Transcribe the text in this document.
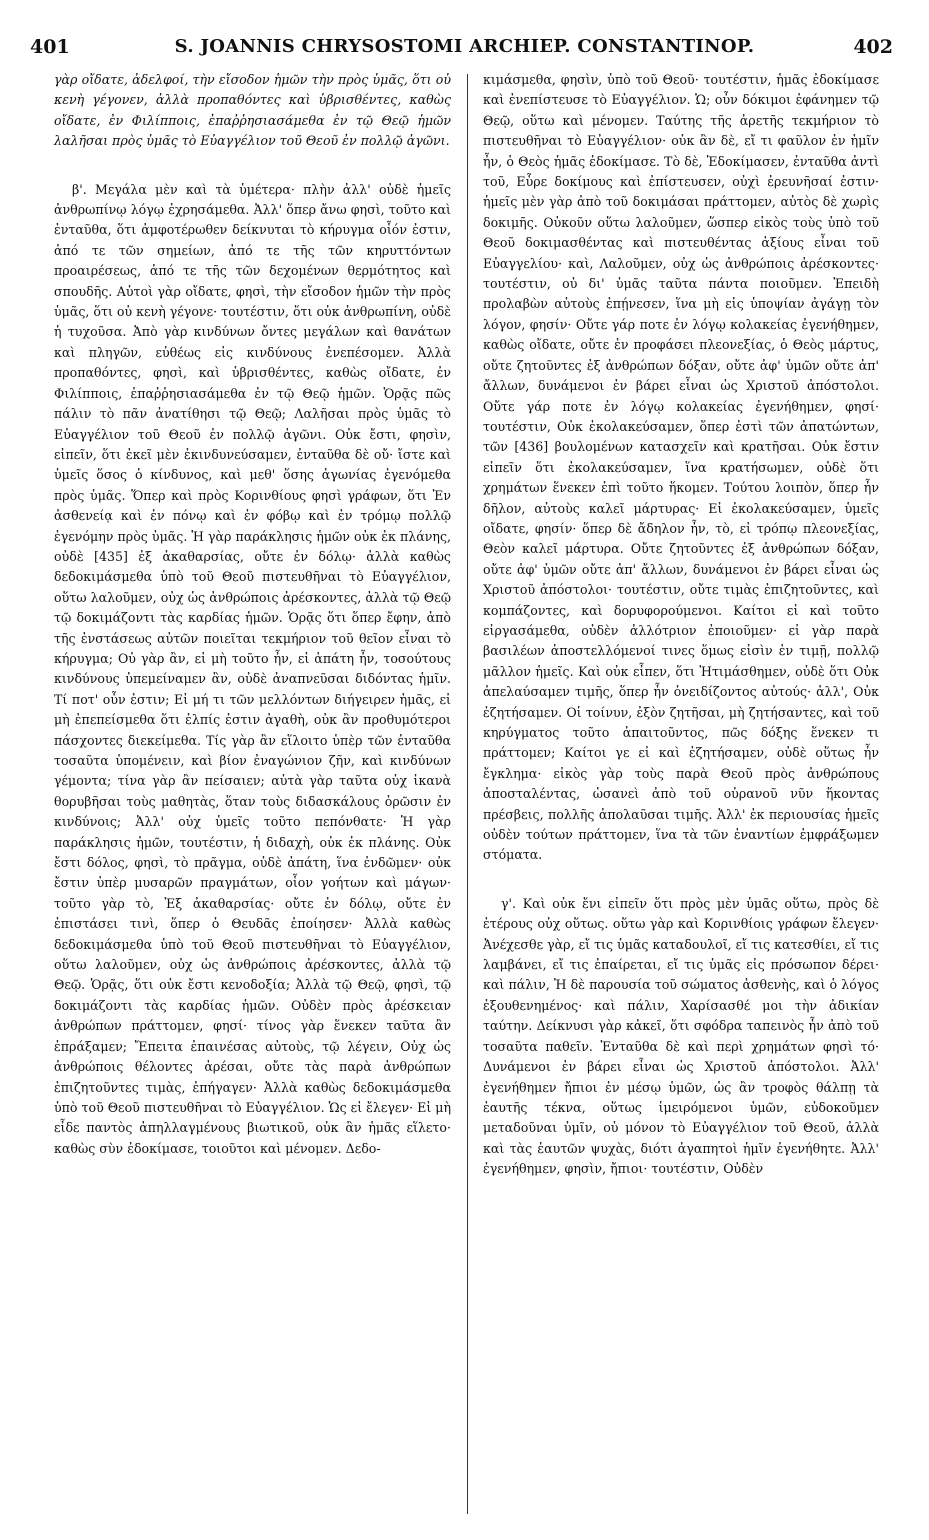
401	S. JOANNIS CHRYSOSTOMI ARCHIEP. CONSTANTINOP.	402

γὰρ οἴδατε, ἀδελφοί, τὴν εἴσοδον ἡμῶν τὴν πρὸς ὑμᾶς, ὅτι οὐ κενὴ γέγονεν, ἀλλὰ προπαθόντες καὶ ὑβρισθέντες, καθὼς οἴδατε, ἐν Φιλίπποις, ἐπαῤῥησιασάμεθα ἐν τῷ Θεῷ ἡμῶν λαλῆσαι πρὸς ὑμᾶς τὸ Εὐαγγέλιον τοῦ Θεοῦ ἐν πολλῷ ἀγῶνι.

β'. Μεγάλα μὲν καὶ τὰ ὑμέτερα· πλὴν ἀλλ' οὐδὲ ἡμεῖς ἀνθρωπίνῳ λόγῳ ἐχρησάμεθα. Ἀλλ' ὅπερ ἄνω φησὶ, τοῦτο καὶ ἐνταῦθα, ὅτι ἀμφοτέρωθεν δείκνυται τὸ κήρυγμα οἷόν ἐστιν, ἀπό τε τῶν σημείων, ἀπό τε τῆς τῶν κηρυττόντων προαιρέσεως, ἀπό τε τῆς τῶν δεχομένων θερμότητος καὶ σπουδῆς. Αὐτοὶ γὰρ οἴδατε, φησὶ, τὴν εἴσοδον ἡμῶν τὴν πρὸς ὑμᾶς, ὅτι οὐ κενὴ γέγονε· τουτέστιν, ὅτι οὐκ ἀνθρωπίνη, οὐδὲ ἡ τυχοῦσα. Ἀπὸ γὰρ κινδύνων ὄντες μεγάλων καὶ θανάτων καὶ πληγῶν, εὐθέως εἰς κινδύνους ἐνεπέσομεν. Ἀλλὰ προπαθόντες, φησὶ, καὶ ὑβρισθέντες, καθὼς οἴδατε, ἐν Φιλίπποις, ἐπαῤῥησιασάμεθα ἐν τῷ Θεῷ ἡμῶν. Ὁρᾷς πῶς πάλιν τὸ πᾶν ἀνατίθησι τῷ Θεῷ; Λαλῆσαι πρὸς ὑμᾶς τὸ Εὐαγγέλιον τοῦ Θεοῦ ἐν πολλῷ ἀγῶνι. Οὐκ ἔστι, φησὶν, εἰπεῖν, ὅτι ἐκεῖ μὲν ἐκινδυνεύσαμεν, ἐνταῦθα δὲ οὔ· ἴστε καὶ ὑμεῖς ὅσος ὁ κίνδυνος, καὶ μεθ' ὅσης ἀγωνίας ἐγενόμεθα πρὸς ὑμᾶς. Ὅπερ καὶ πρὸς Κορινθίους φησὶ γράφων, ὅτι Ἐν ἀσθενείᾳ καὶ ἐν πόνῳ καὶ ἐν φόβῳ καὶ ἐν τρόμῳ πολλῷ ἐγενόμην πρὸς ὑμᾶς. Ἡ γὰρ παράκλησις ἡμῶν οὐκ ἐκ πλάνης, οὐδὲ [435] ἐξ ἀκαθαρσίας, οὔτε ἐν δόλῳ· ἀλλὰ καθὼς δεδοκιμάσμεθα ὑπὸ τοῦ Θεοῦ πιστευθῆναι τὸ Εὐαγγέλιον, οὕτω λαλοῦμεν, οὐχ ὡς ἀνθρώποις ἀρέσκοντες, ἀλλὰ τῷ Θεῷ τῷ δοκιμάζοντι τὰς καρδίας ἡμῶν. Ὁρᾷς ὅτι ὅπερ ἔφην, ἀπὸ τῆς ἐνστάσεως αὐτῶν ποιεῖται τεκμήριον τοῦ θεῖον εἶναι τὸ κήρυγμα; Οὐ γὰρ ἂν, εἰ μὴ τοῦτο ἦν, εἰ ἀπάτη ἦν, τοσούτους κινδύνους ὑπεμείναμεν ἂν, οὐδὲ ἀναπνεῦσαι διδόντας ἡμῖν. Τί ποτ' οὖν ἐστιν; Εἰ μή τι τῶν μελλόντων διήγειρεν ἡμᾶς, εἰ μὴ ἐπεπείσμεθα ὅτι ἐλπίς ἐστιν ἀγαθὴ, οὐκ ἂν προθυμότεροι πάσχοντες διεκείμεθα. Τίς γὰρ ἂν εἵλοιτο ὑπὲρ τῶν ἐνταῦθα τοσαῦτα ὑπομένειν, καὶ βίον ἐναγώνιον ζῆν, καὶ κινδύνων γέμοντα; τίνα γὰρ ἂν πείσαιεν; αὐτὰ γὰρ ταῦτα οὐχ ἱκανὰ θορυβῆσαι τοὺς μαθητὰς, ὅταν τοὺς διδασκάλους ὁρῶσιν ἐν κινδύνοις; Ἀλλ' οὐχ ὑμεῖς τοῦτο πεπόνθατε· Ἡ γὰρ παράκλησις ἡμῶν, τουτέστιν, ἡ διδαχὴ, οὐκ ἐκ πλάνης. Οὐκ ἔστι δόλος, φησὶ, τὸ πρᾶγμα, οὐδὲ ἀπάτη, ἵνα ἐνδῶμεν· οὐκ ἔστιν ὑπὲρ μυσαρῶν πραγμάτων, οἷον γοήτων καὶ μάγων· τοῦτο γὰρ τὸ, Ἐξ ἀκαθαρσίας· οὔτε ἐν δόλῳ, οὔτε ἐν ἐπιστάσει τινὶ, ὅπερ ὁ Θευδᾶς ἐποίησεν· Ἀλλὰ καθὼς δεδοκιμάσμεθα ὑπὸ τοῦ Θεοῦ πιστευθῆναι τὸ Εὐαγγέλιον, οὕτω λαλοῦμεν, οὐχ ὡς ἀνθρώποις ἀρέσκοντες, ἀλλὰ τῷ Θεῷ. Ὁρᾷς, ὅτι οὐκ ἔστι κενοδοξία; Ἀλλὰ τῷ Θεῷ, φησὶ, τῷ δοκιμάζοντι τὰς καρδίας ἡμῶν. Οὐδὲν πρὸς ἀρέσκειαν ἀνθρώπων πράττομεν, φησί· τίνος γὰρ ἕνεκεν ταῦτα ἂν ἐπράξαμεν; Ἔπειτα ἐπαινέσας αὐτοὺς, τῷ λέγειν, Οὐχ ὡς ἀνθρώποις θέλοντες ἀρέσαι, οὔτε τὰς παρὰ ἀνθρώπων ἐπιζητοῦντες τιμὰς, ἐπήγαγεν· Ἀλλὰ καθὼς δεδοκιμάσμεθα ὑπὸ τοῦ Θεοῦ πιστευθῆναι τὸ Εὐαγγέλιον. Ὡς εἰ ἔλεγεν· Εἰ μὴ εἶδε παντὸς ἀπηλλαγμένους βιωτικοῦ, οὐκ ἂν ἡμᾶς εἵλετο· καθὼς σὺν ἐδοκίμασε, τοιοῦτοι καὶ μένομεν. Δεδο-

κιμάσμεθα, φησὶν, ὑπὸ τοῦ Θεοῦ· τουτέστιν, ἡμᾶς ἐδοκίμασε καὶ ἐνεπίστευσε τὸ Εὐαγγέλιον. Ὡ; οὖν δόκιμοι ἐφάνημεν τῷ Θεῷ, οὕτω καὶ μένομεν. Ταύτης τῆς ἀρετῆς τεκμήριον τὸ πιστευθῆναι τὸ Εὐαγγέλιον· οὐκ ἂν δὲ, εἴ τι φαῦλον ἐν ἡμῖν ἦν, ὁ Θεὸς ἡμᾶς ἐδοκίμασε. Τὸ δὲ, Ἐδοκίμασεν, ἐνταῦθα ἀντὶ τοῦ, Εὗρε δοκίμους καὶ ἐπίστευσεν, οὐχὶ ἐρευνῆσαί ἐστιν· ἡμεῖς μὲν γὰρ ἀπὸ τοῦ δοκιμάσαι πράττομεν, αὐτὸς δὲ χωρὶς δοκιμῆς. Οὐκοῦν οὕτω λαλοῦμεν, ὥσπερ εἰκὸς τοὺς ὑπὸ τοῦ Θεοῦ δοκιμασθέντας καὶ πιστευθέντας ἀξίους εἶναι τοῦ Εὐαγγελίου· καὶ, Λαλοῦμεν, οὐχ ὡς ἀνθρώποις ἀρέσκοντες· τουτέστιν, οὐ δι' ὑμᾶς ταῦτα πάντα ποιοῦμεν. Ἐπειδὴ προλαβὼν αὐτοὺς ἐπῄνεσεν, ἵνα μὴ εἰς ὑποψίαν ἀγάγῃ τὸν λόγον, φησίν· Οὔτε γάρ ποτε ἐν λόγῳ κολακείας ἐγενήθημεν, καθὼς οἴδατε, οὔτε ἐν προφάσει πλεονεξίας, ὁ Θεὸς μάρτυς, οὔτε ζητοῦντες ἐξ ἀνθρώπων δόξαν, οὔτε ἀφ' ὑμῶν οὔτε ἀπ' ἄλλων, δυνάμενοι ἐν βάρει εἶναι ὡς Χριστοῦ ἀπόστολοι. Οὔτε γάρ ποτε ἐν λόγῳ κολακείας ἐγενήθημεν, φησί· τουτέστιν, Οὐκ ἐκολακεύσαμεν, ὅπερ ἐστὶ τῶν ἀπατώντων, τῶν [436] βουλομένων κατασχεῖν καὶ κρατῆσαι. Οὐκ ἔστιν εἰπεῖν ὅτι ἐκολακεύσαμεν, ἵνα κρατήσωμεν, οὐδὲ ὅτι χρημάτων ἕνεκεν ἐπὶ τοῦτο ἥκομεν. Τούτου λοιπὸν, ὅπερ ἦν δῆλον, αὐτοὺς καλεῖ μάρτυρας· Εἰ ἐκολακεύσαμεν, ὑμεῖς οἴδατε, φησίν· ὅπερ δὲ ἄδηλον ἦν, τὸ, εἰ τρόπῳ πλεονεξίας, Θεὸν καλεῖ μάρτυρα. Οὔτε ζητοῦντες ἐξ ἀνθρώπων δόξαν, οὔτε ἀφ' ὑμῶν οὔτε ἀπ' ἄλλων, δυνάμενοι ἐν βάρει εἶναι ὡς Χριστοῦ ἀπόστολοι· τουτέστιν, οὔτε τιμὰς ἐπιζητοῦντες, καὶ κομπάζοντες, καὶ δορυφορούμενοι. Καίτοι εἰ καὶ τοῦτο εἰργασάμεθα, οὐδὲν ἀλλότριον ἐποιοῦμεν· εἰ γὰρ παρὰ βασιλέων ἀποστελλόμενοί τινες ὅμως εἰσὶν ἐν τιμῇ, πολλῷ μᾶλλον ἡμεῖς. Καὶ οὐκ εἶπεν, ὅτι Ἠτιμάσθημεν, οὐδὲ ὅτι Οὐκ ἀπελαύσαμεν τιμῆς, ὅπερ ἦν ὀνειδίζοντος αὐτούς· ἀλλ', Οὐκ ἐζητήσαμεν. Οἱ τοίνυν, ἐξὸν ζητῆσαι, μὴ ζητήσαντες, καὶ τοῦ κηρύγματος τοῦτο ἀπαιτοῦντος, πῶς δόξης ἕνεκεν τι πράττομεν; Καίτοι γε εἰ καὶ ἐζητήσαμεν, οὐδὲ οὕτως ἦν ἔγκλημα· εἰκὸς γὰρ τοὺς παρὰ Θεοῦ πρὸς ἀνθρώπους ἀποσταλέντας, ὡσανεὶ ἀπὸ τοῦ οὐρανοῦ νῦν ἥκοντας πρέσβεις, πολλῆς ἀπολαῦσαι τιμῆς. Ἀλλ' ἐκ περιουσίας ἡμεῖς οὐδὲν τούτων πράττομεν, ἵνα τὰ τῶν ἐναντίων ἐμφράξωμεν στόματα.

γ'. Καὶ οὐκ ἔνι εἰπεῖν ὅτι πρὸς μὲν ὑμᾶς οὕτω, πρὸς δὲ ἑτέρους οὐχ οὕτως. οὕτω γὰρ καὶ Κορινθίοις γράφων ἔλεγεν· Ἀνέχεσθε γὰρ, εἴ τις ὑμᾶς καταδουλοῖ, εἴ τις κατεσθίει, εἴ τις λαμβάνει, εἴ τις ἐπαίρεται, εἴ τις ὑμᾶς εἰς πρόσωπον δέρει· καὶ πάλιν, Ἡ δὲ παρουσία τοῦ σώματος ἀσθενὴς, καὶ ὁ λόγος ἐξουθενημένος· καὶ πάλιν, Χαρίσασθέ μοι τὴν ἀδικίαν ταύτην. Δείκνυσι γὰρ κἀκεῖ, ὅτι σφόδρα ταπεινὸς ἦν ἀπὸ τοῦ τοσαῦτα παθεῖν. Ἐνταῦθα δὲ καὶ περὶ χρημάτων φησὶ τό· Δυνάμενοι ἐν βάρει εἶναι ὡς Χριστοῦ ἀπόστολοι. Ἀλλ' ἐγενήθημεν ἤπιοι ἐν μέσῳ ὑμῶν, ὡς ἂν τροφὸς θάλπῃ τὰ ἑαυτῆς τέκνα, οὕτως ἱμειρόμενοι ὑμῶν, εὐδοκοῦμεν μεταδοῦναι ὑμῖν, οὐ μόνον τὸ Εὐαγγέλιον τοῦ Θεοῦ, ἀλλὰ καὶ τὰς ἑαυτῶν ψυχὰς, διότι ἀγαπητοὶ ἡμῖν ἐγενήθητε. Ἀλλ' ἐγενήθημεν, φησὶν, ἤπιοι· τουτέστιν, Οὐδὲν
